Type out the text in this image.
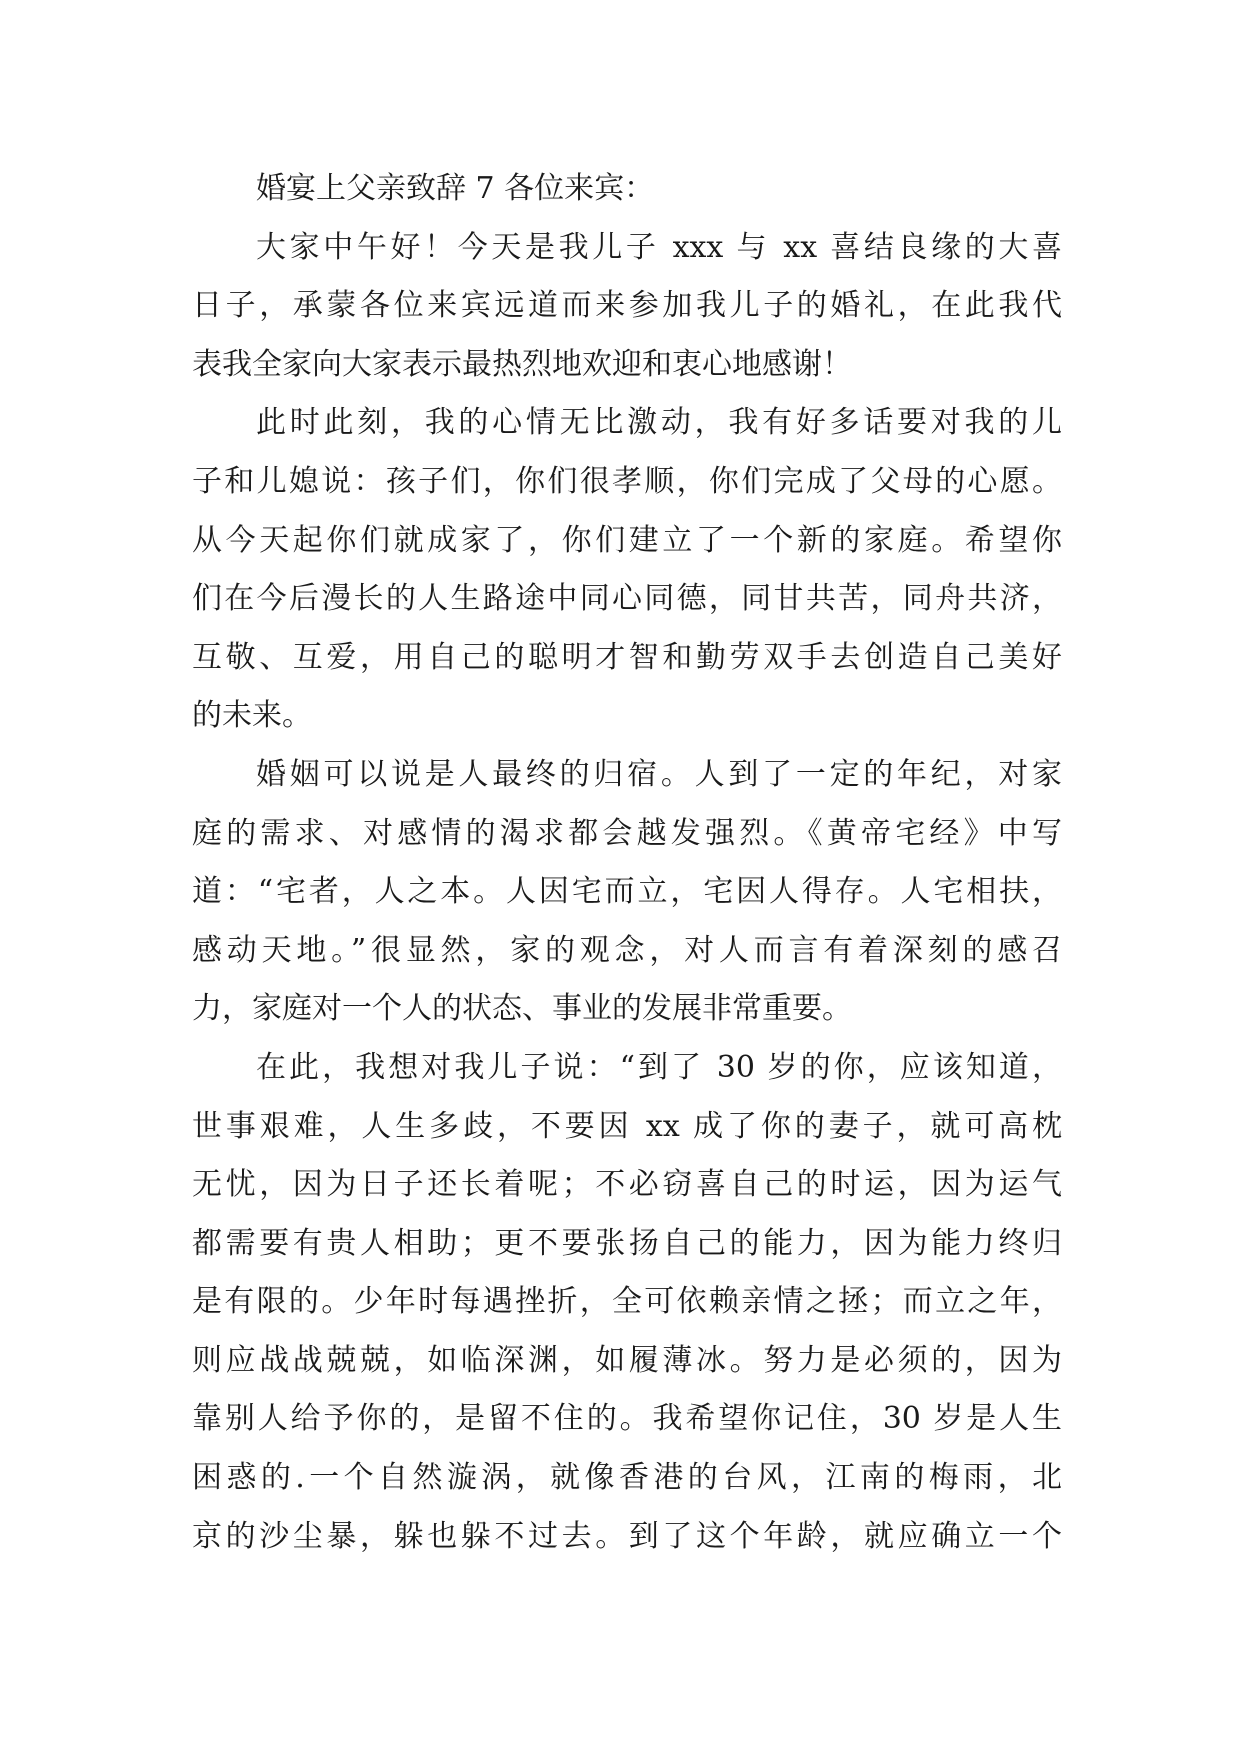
婚宴上父亲致辞 7 各位来宾：
大家中午好！今天是我儿子 xxx 与 xx 喜结良缘的大喜
日子，承蒙各位来宾远道而来参加我儿子的婚礼，在此我代
表我全家向大家表示最热烈地欢迎和衷心地感谢！
此时此刻，我的心情无比激动，我有好多话要对我的儿
子和儿媳说：孩子们，你们很孝顺，你们完成了父母的心愿。
从今天起你们就成家了，你们建立了一个新的家庭。希望你
们在今后漫长的人生路途中同心同德，同甘共苦，同舟共济，
互敬、互爱，用自己的聪明才智和勤劳双手去创造自己美好
的未来。
婚姻可以说是人最终的归宿。人到了一定的年纪，对家
庭的需求、对感情的渴求都会越发强烈。《黄帝宅经》中写
道：“宅者，人之本。人因宅而立，宅因人得存。人宅相扶，
感动天地。”很显然，家的观念，对人而言有着深刻的感召
力，家庭对一个人的状态、事业的发展非常重要。
在此，我想对我儿子说：“到了 30 岁的你，应该知道，
世事艰难，人生多歧，不要因 xx 成了你的妻子，就可高枕
无忧，因为日子还长着呢；不必窃喜自己的时运，因为运气
都需要有贵人相助；更不要张扬自己的能力，因为能力终归
是有限的。少年时每遇挫折，全可依赖亲情之拯；而立之年，
则应战战兢兢，如临深渊，如履薄冰。努力是必须的，因为
靠别人给予你的，是留不住的。我希望你记住，30 岁是人生
困惑的.一个自然漩涡，就像香港的台风，江南的梅雨，北
京的沙尘暴，躲也躲不过去。到了这个年龄，就应确立一个
